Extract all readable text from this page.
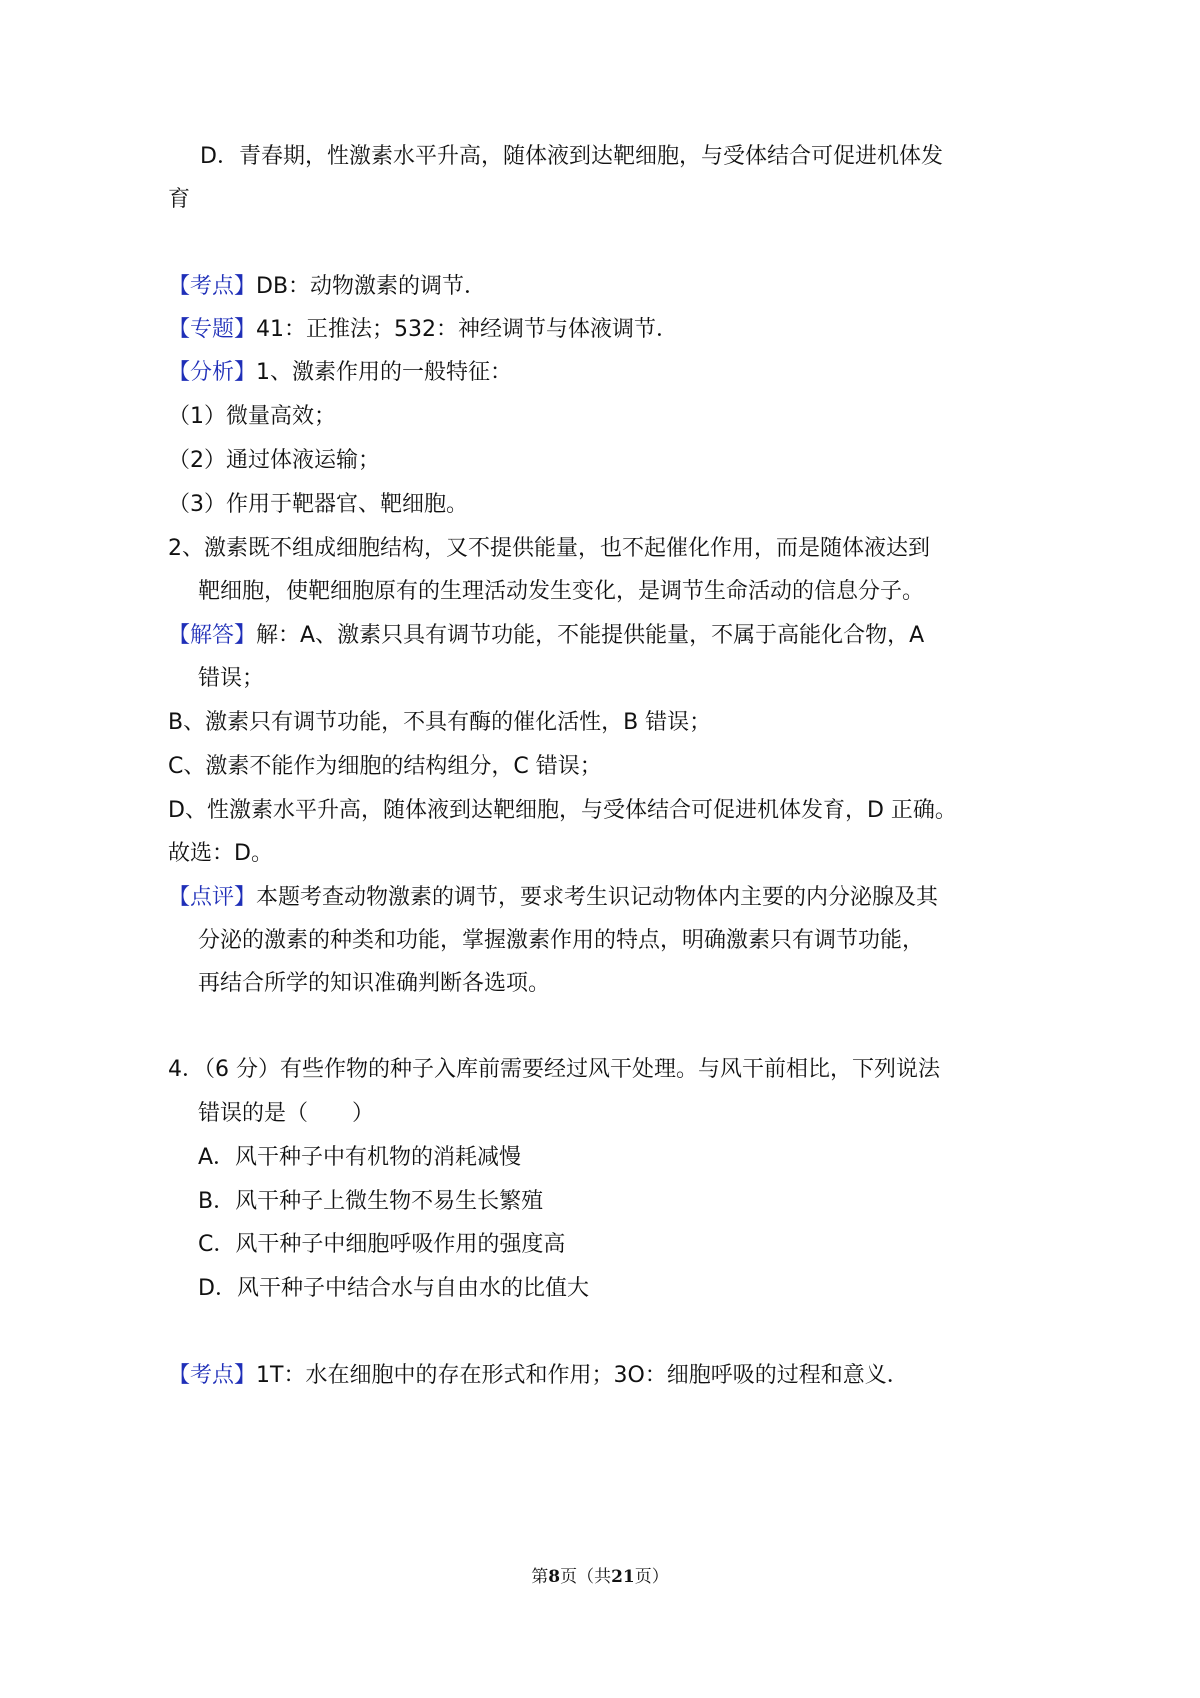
D．青春期，性激素水平升高，随体液到达靶细胞，与受体结合可促进机体发
育
【考点】DB：动物激素的调节．
【专题】41：正推法；532：神经调节与体液调节．
【分析】1、激素作用的一般特征：
（1）微量高效；
（2）通过体液运输；
（3）作用于靶器官、靶细胞。
2、激素既不组成细胞结构，又不提供能量，也不起催化作用，而是随体液达到
靶细胞，使靶细胞原有的生理活动发生变化，是调节生命活动的信息分子。
【解答】解：A、激素只具有调节功能，不能提供能量，不属于高能化合物，A
错误；
B、激素只有调节功能，不具有酶的催化活性，B 错误；
C、激素不能作为细胞的结构组分，C 错误；
D、性激素水平升高，随体液到达靶细胞，与受体结合可促进机体发育，D 正确。
故选：D。
【点评】本题考查动物激素的调节，要求考生识记动物体内主要的内分泌腺及其
分泌的激素的种类和功能，掌握激素作用的特点，明确激素只有调节功能，
再结合所学的知识准确判断各选项。
4．（6 分）有些作物的种子入库前需要经过风干处理。与风干前相比，下列说法
错误的是（　　）
A．风干种子中有机物的消耗减慢
B．风干种子上微生物不易生长繁殖
C．风干种子中细胞呼吸作用的强度高
D．风干种子中结合水与自由水的比值大
【考点】1T：水在细胞中的存在形式和作用；3O：细胞呼吸的过程和意义．
第8页（共21页）
